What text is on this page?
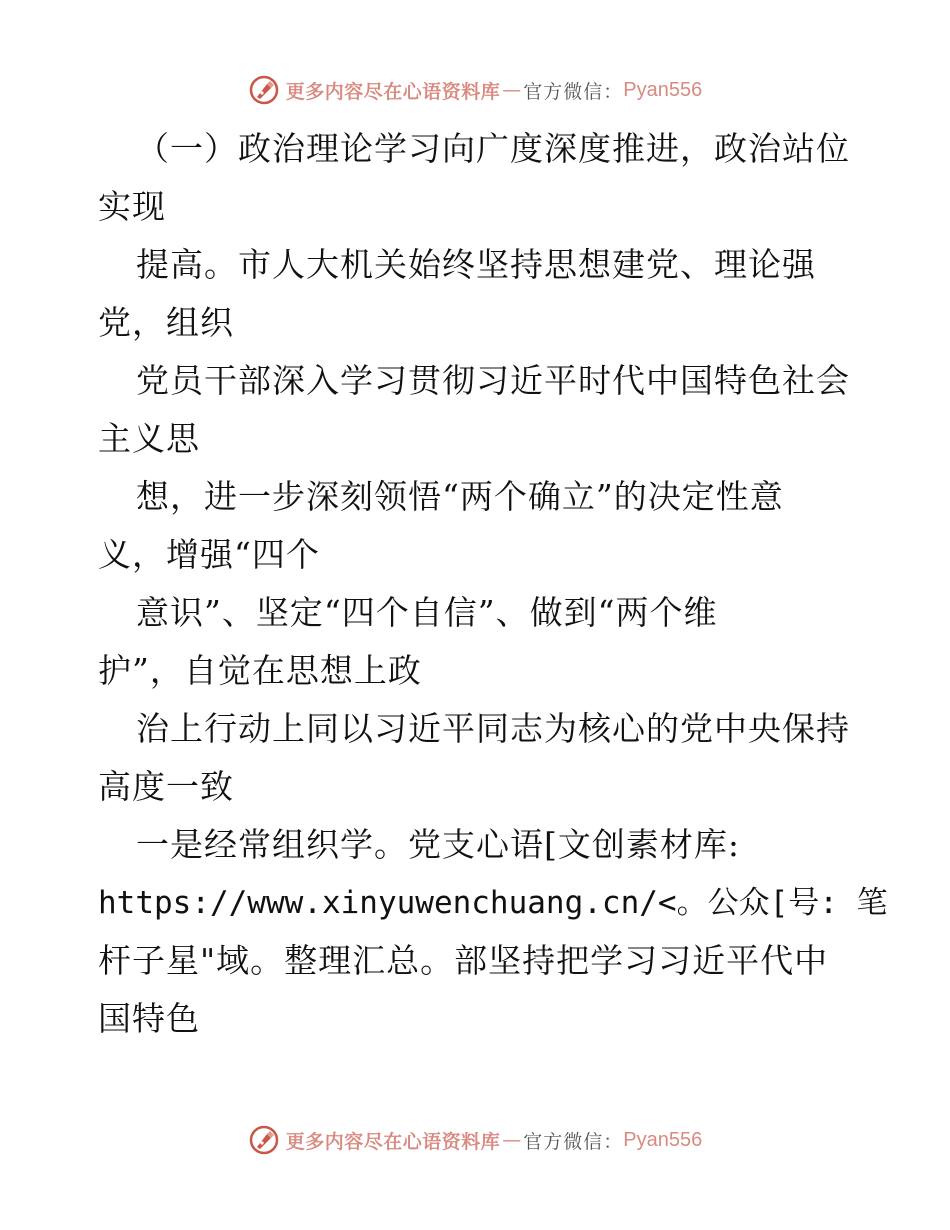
更多内容尽在心语资料库 — 官方微信： Pyan556
（一）政治理论学习向广度深度推进，政治站位
实现
提高。市人大机关始终坚持思想建党、理论强
党，组织
党员干部深入学习贯彻习近平时代中国特色社会
主义思
想，进一步深刻领悟“两个确立”的决定性意
义，增强“四个
意识”、坚定“四个自信”、做到“两个维
护”，自觉在思想上政
治上行动上同以习近平同志为核心的党中央保持
高度一致
一是经常组织学。党支心语[文创素材库:
https://www.xinyuwenchuang.cn/<。公众[号: 笔
杆子星"域。整理汇总。部坚持把学习习近平代中
国特色
更多内容尽在心语资料库 — 官方微信： Pyan556
